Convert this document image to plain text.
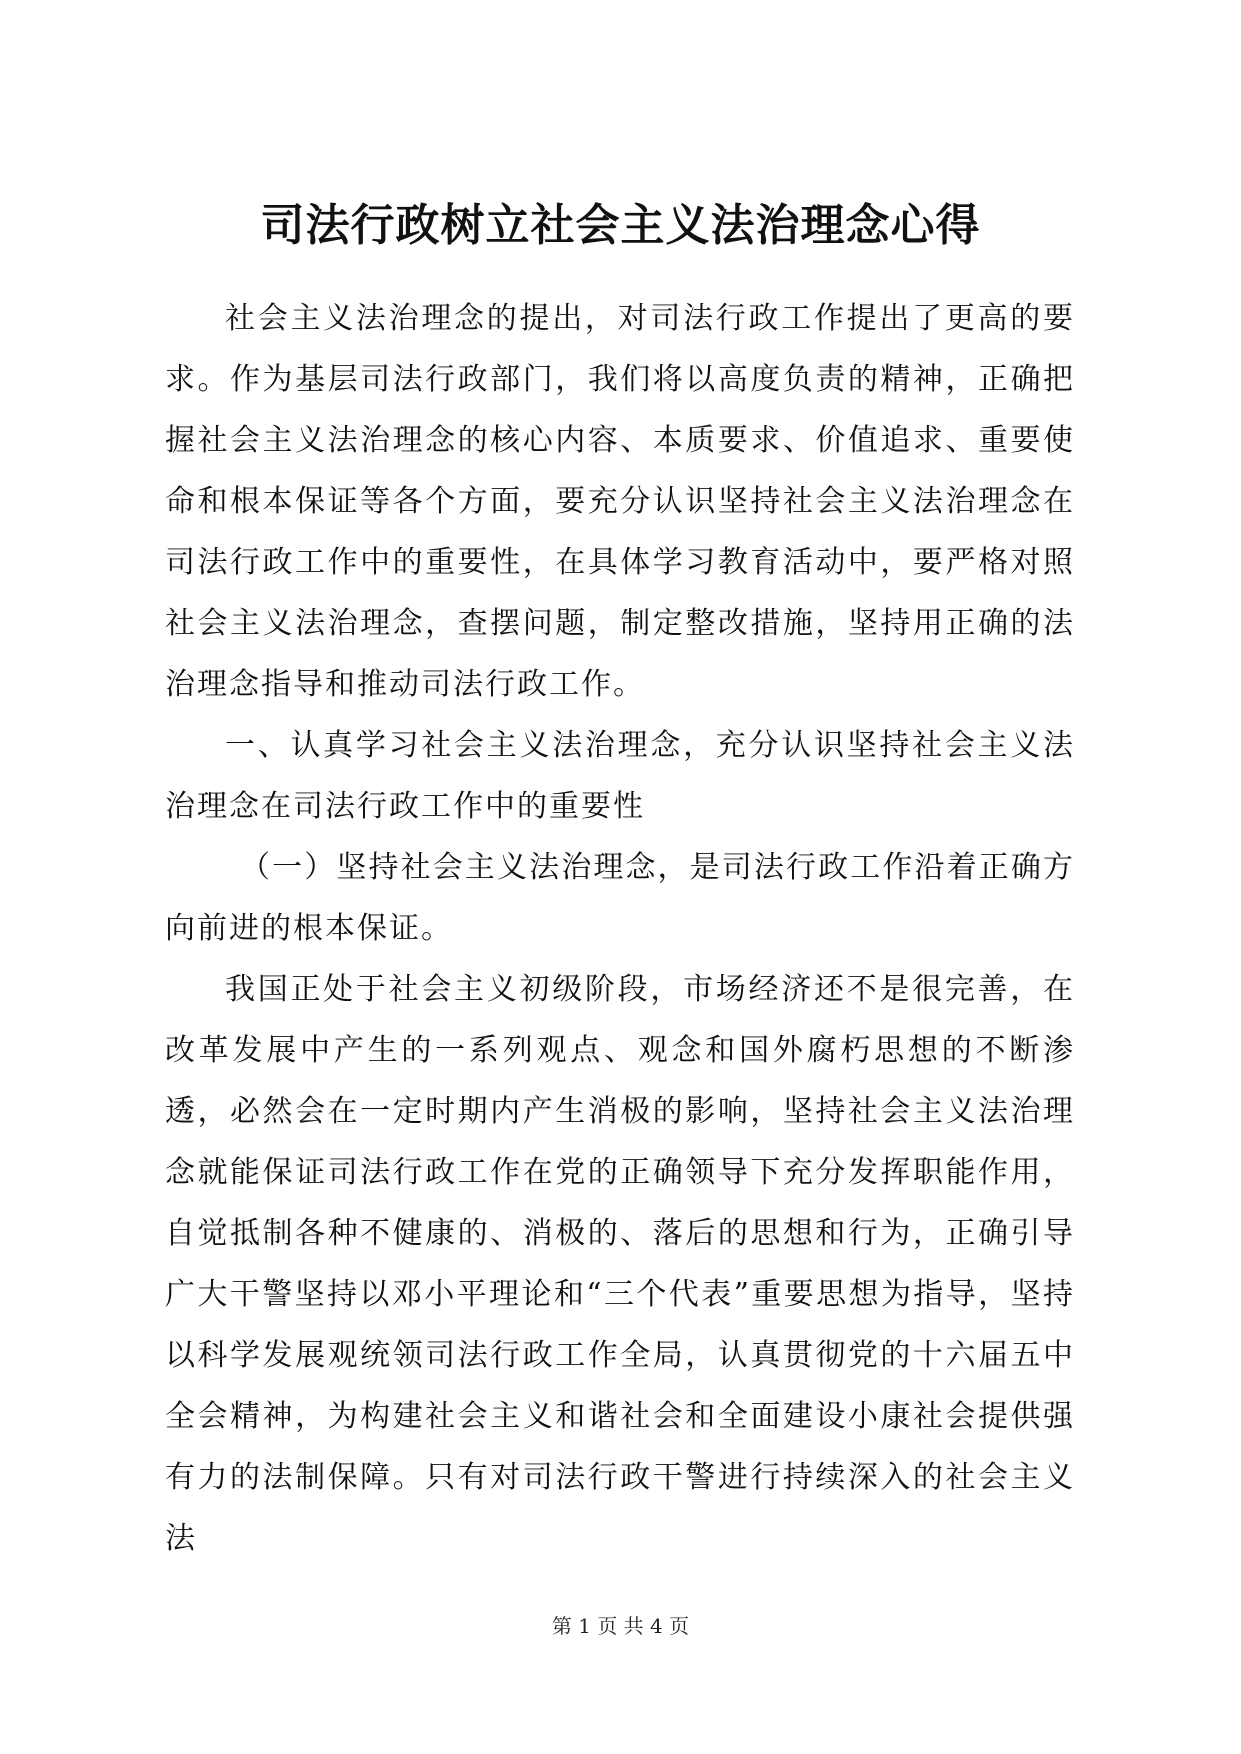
司法行政树立社会主义法治理念心得

社会主义法治理念的提出，对司法行政工作提出了更高的要求。作为基层司法行政部门，我们将以高度负责的精神，正确把握社会主义法治理念的核心内容、本质要求、价值追求、重要使命和根本保证等各个方面，要充分认识坚持社会主义法治理念在司法行政工作中的重要性，在具体学习教育活动中，要严格对照社会主义法治理念，查摆问题，制定整改措施，坚持用正确的法治理念指导和推动司法行政工作。

一、认真学习社会主义法治理念，充分认识坚持社会主义法治理念在司法行政工作中的重要性

（一）坚持社会主义法治理念，是司法行政工作沿着正确方向前进的根本保证。

我国正处于社会主义初级阶段，市场经济还不是很完善，在改革发展中产生的一系列观点、观念和国外腐朽思想的不断渗透，必然会在一定时期内产生消极的影响，坚持社会主义法治理念就能保证司法行政工作在党的正确领导下充分发挥职能作用，自觉抵制各种不健康的、消极的、落后的思想和行为，正确引导广大干警坚持以邓小平理论和“三个代表”重要思想为指导，坚持以科学发展观统领司法行政工作全局，认真贯彻党的十六届五中全会精神，为构建社会主义和谐社会和全面建设小康社会提供强有力的法制保障。只有对司法行政干警进行持续深入的社会主义法

第 1 页 共 4 页
